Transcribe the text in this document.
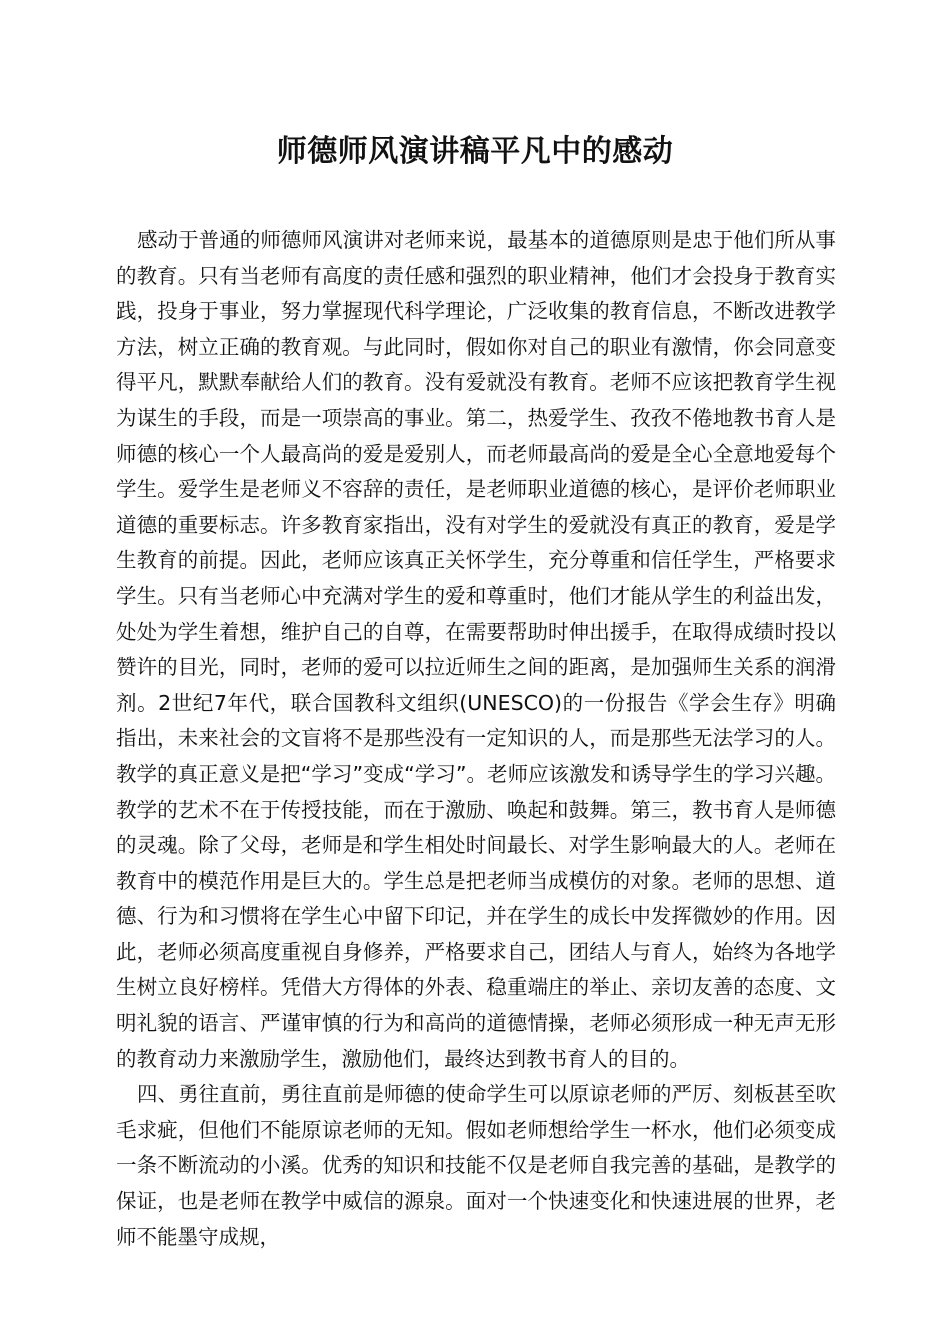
师德师风演讲稿平凡中的感动

感动于普通的师德师风演讲对老师来说，最基本的道德原则是忠于他们所从事的教育。只有当老师有高度的责任感和强烈的职业精神，他们才会投身于教育实践，投身于事业，努力掌握现代科学理论，广泛收集的教育信息，不断改进教学方法，树立正确的教育观。与此同时，假如你对自己的职业有激情，你会同意变得平凡，默默奉献给人们的教育。没有爱就没有教育。老师不应该把教育学生视为谋生的手段，而是一项崇高的事业。第二，热爱学生、孜孜不倦地教书育人是师德的核心一个人最高尚的爱是爱别人，而老师最高尚的爱是全心全意地爱每个学生。爱学生是老师义不容辞的责任，是老师职业道德的核心，是评价老师职业道德的重要标志。许多教育家指出，没有对学生的爱就没有真正的教育，爱是学生教育的前提。因此，老师应该真正关怀学生，充分尊重和信任学生，严格要求学生。只有当老师心中充满对学生的爱和尊重时，他们才能从学生的利益出发，处处为学生着想，维护自己的自尊，在需要帮助时伸出援手，在取得成绩时投以赞许的目光，同时，老师的爱可以拉近师生之间的距离，是加强师生关系的润滑剂。2世纪7年代，联合国教科文组织(UNESCO)的一份报告《学会生存》明确指出，未来社会的文盲将不是那些没有一定知识的人，而是那些无法学习的人。教学的真正意义是把“学习”变成“学习”。老师应该激发和诱导学生的学习兴趣。教学的艺术不在于传授技能，而在于激励、唤起和鼓舞。第三，教书育人是师德的灵魂。除了父母，老师是和学生相处时间最长、对学生影响最大的人。老师在教育中的模范作用是巨大的。学生总是把老师当成模仿的对象。老师的思想、道德、行为和习惯将在学生心中留下印记，并在学生的成长中发挥微妙的作用。因此，老师必须高度重视自身修养，严格要求自己，团结人与育人，始终为各地学生树立良好榜样。凭借大方得体的外表、稳重端庄的举止、亲切友善的态度、文明礼貌的语言、严谨审慎的行为和高尚的道德情操，老师必须形成一种无声无形的教育动力来激励学生，激励他们，最终达到教书育人的目的。

四、勇往直前，勇往直前是师德的使命学生可以原谅老师的严厉、刻板甚至吹毛求疵，但他们不能原谅老师的无知。假如老师想给学生一杯水，他们必须变成一条不断流动的小溪。优秀的知识和技能不仅是老师自我完善的基础，是教学的保证，也是老师在教学中威信的源泉。面对一个快速变化和快速进展的世界，老师不能墨守成规，
